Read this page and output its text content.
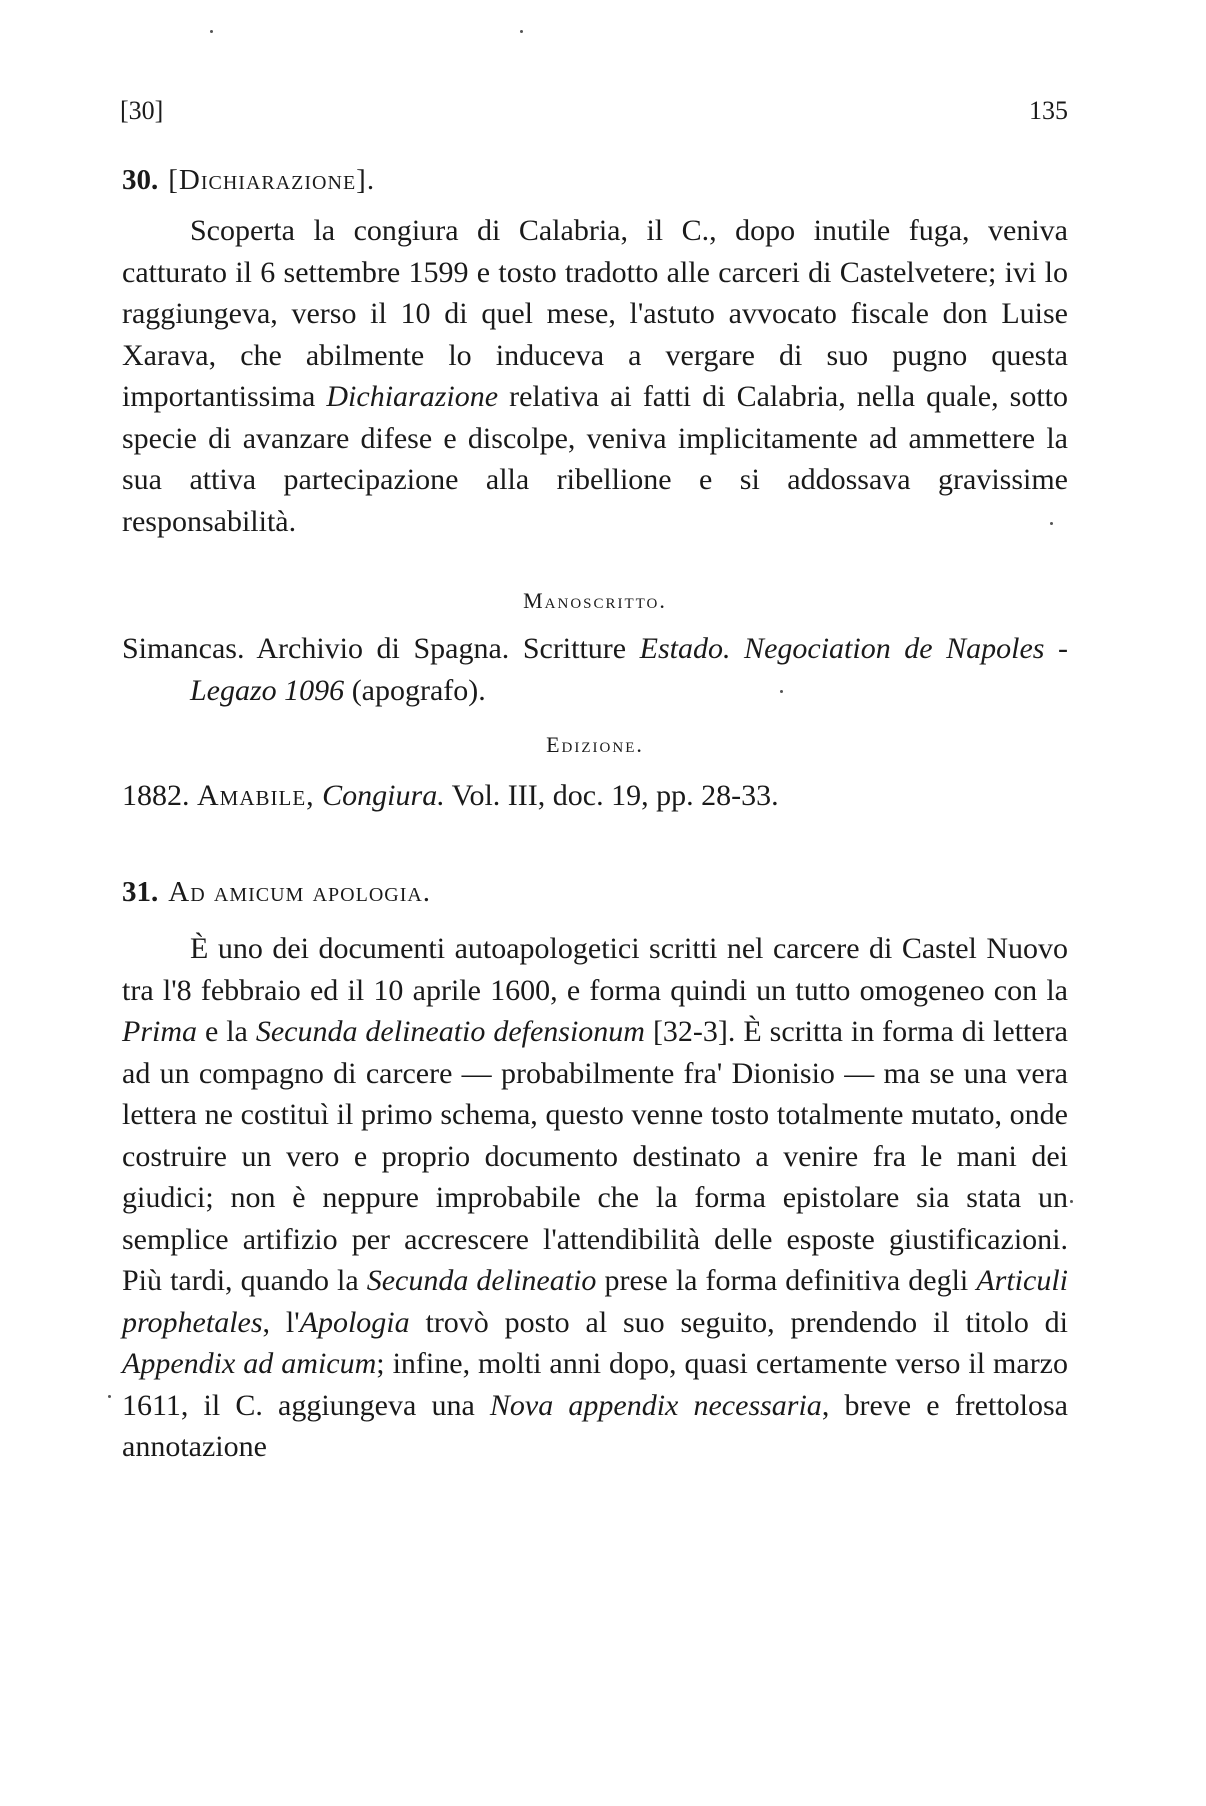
[30]	135
30. [Dichiarazione].

Scoperta la congiura di Calabria, il C., dopo inutile fuga, veniva catturato il 6 settembre 1599 e tosto tradotto alle carceri di Castelvetere; ivi lo raggiungeva, verso il 10 di quel mese, l'astuto avvocato fiscale don Luise Xarava, che abilmente lo induceva a vergare di suo pugno questa importantissima Dichiarazione relativa ai fatti di Calabria, nella quale, sotto specie di avanzare difese e discolpe, veniva implicitamente ad ammettere la sua attiva partecipazione alla ribellione e si addossava gravissime responsabilità.

Manoscritto.

Simancas. Archivio di Spagna. Scritture Estado. Negociation de Napoles - Legazo 1096 (apografo).

Edizione.

1882. Amabile, Congiura. Vol. III, doc. 19, pp. 28-33.

31. Ad amicum apologia.

È uno dei documenti autoapologetici scritti nel carcere di Castel Nuovo tra l'8 febbraio ed il 10 aprile 1600, e forma quindi un tutto omogeneo con la Prima e la Secunda delineatio defensionum [32-3]. È scritta in forma di lettera ad un compagno di carcere — probabilmente fra' Dionisio — ma se una vera lettera ne costituì il primo schema, questo venne tosto totalmente mutato, onde costruire un vero e proprio documento destinato a venire fra le mani dei giudici; non è neppure improbabile che la forma epistolare sia stata un semplice artifizio per accrescere l'attendibilità delle esposte giustificazioni. Più tardi, quando la Secunda delineatio prese la forma definitiva degli Articuli prophetales, l'Apologia trovò posto al suo seguito, prendendo il titolo di Appendix ad amicum; infine, molti anni dopo, quasi certamente verso il marzo 1611, il C. aggiungeva una Nova appendix necessaria, breve e frettolosa annotazione
